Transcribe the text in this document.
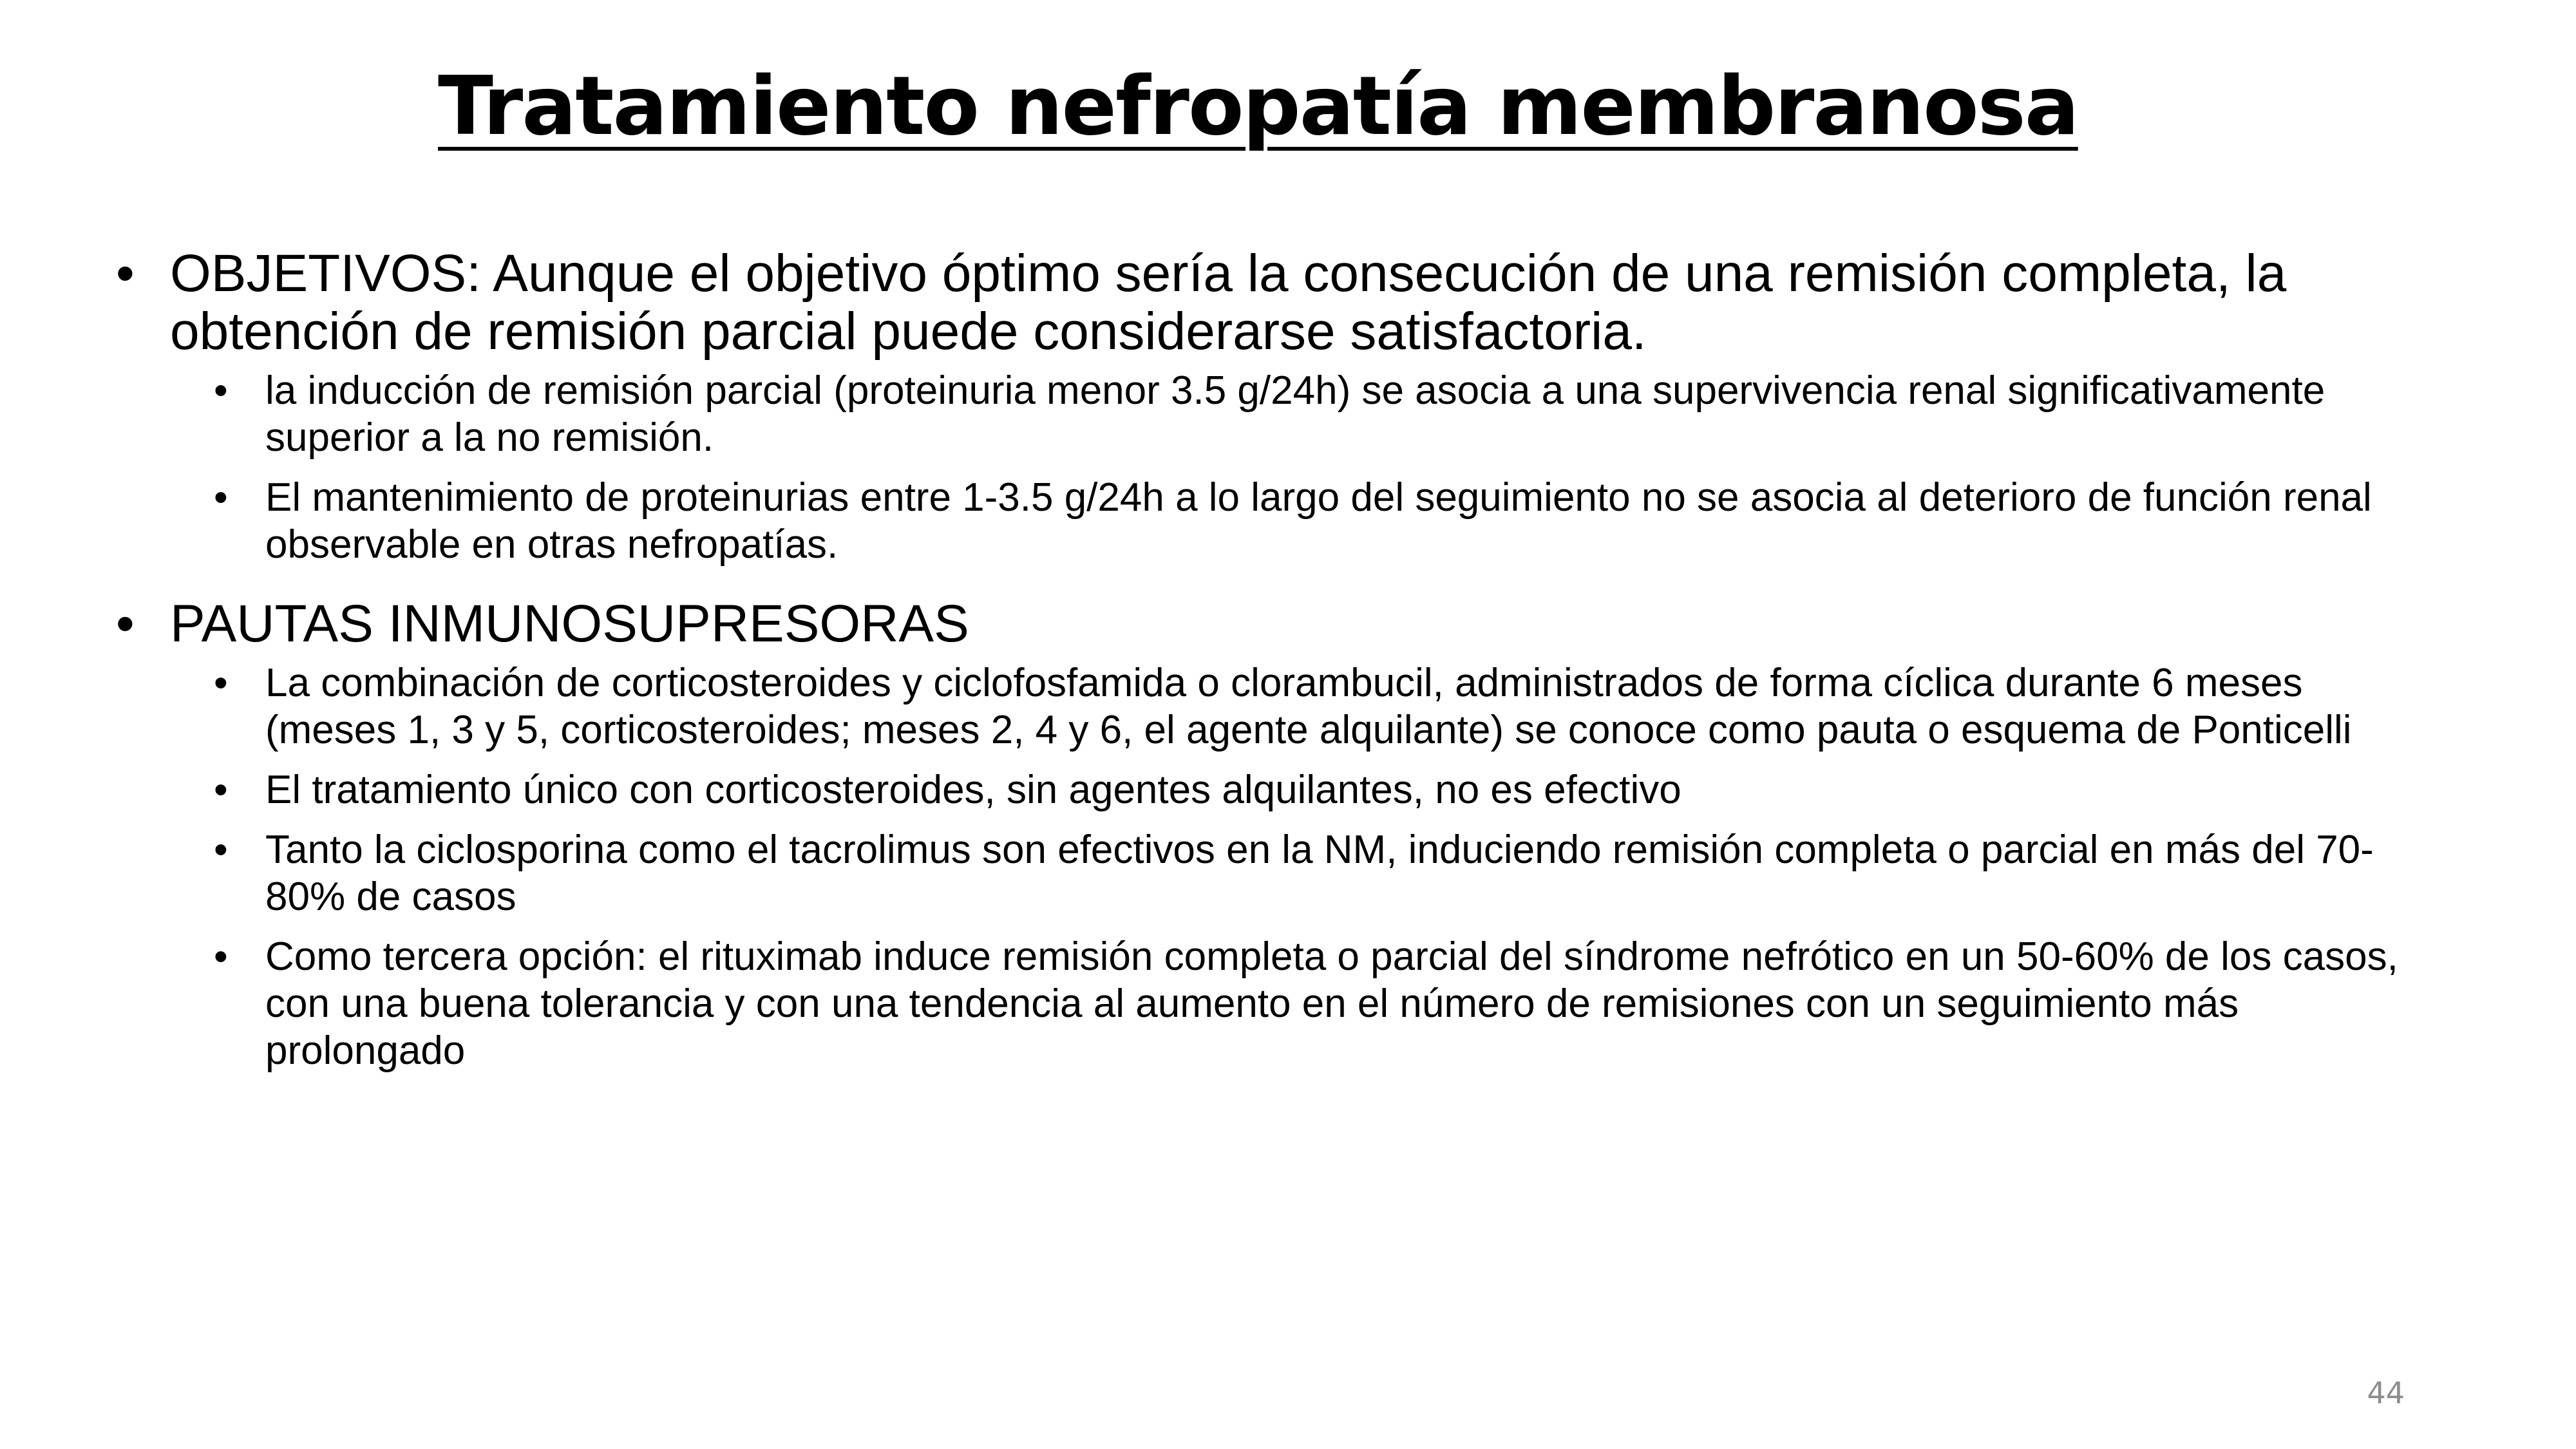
Tratamiento nefropatía membranosa
• OBJETIVOS: Aunque el objetivo óptimo sería la consecución de una remisión completa, la obtención de remisión parcial puede considerarse satisfactoria.
• la inducción de remisión parcial (proteinuria menor 3.5 g/24h) se asocia a una supervivencia renal significativamente superior a la no remisión.
• El mantenimiento de proteinurias entre 1-3.5 g/24h a lo largo del seguimiento no se asocia al deterioro de función renal observable en otras nefropatías.
• PAUTAS INMUNOSUPRESORAS
• La combinación de corticosteroides y ciclofosfamida o clorambucil, administrados de forma cíclica durante 6 meses (meses 1, 3 y 5, corticosteroides; meses 2, 4 y 6, el agente alquilante) se conoce como pauta o esquema de Ponticelli
• El tratamiento único con corticosteroides, sin agentes alquilantes, no es efectivo
• Tanto la ciclosporina como el tacrolimus son efectivos en la NM, induciendo remisión completa o parcial en más del 70-80% de casos
• Como tercera opción: el rituximab induce remisión completa o parcial del síndrome nefrótico en un 50-60% de los casos, con una buena tolerancia y con una tendencia al aumento en el número de remisiones con un seguimiento más prolongado
44
